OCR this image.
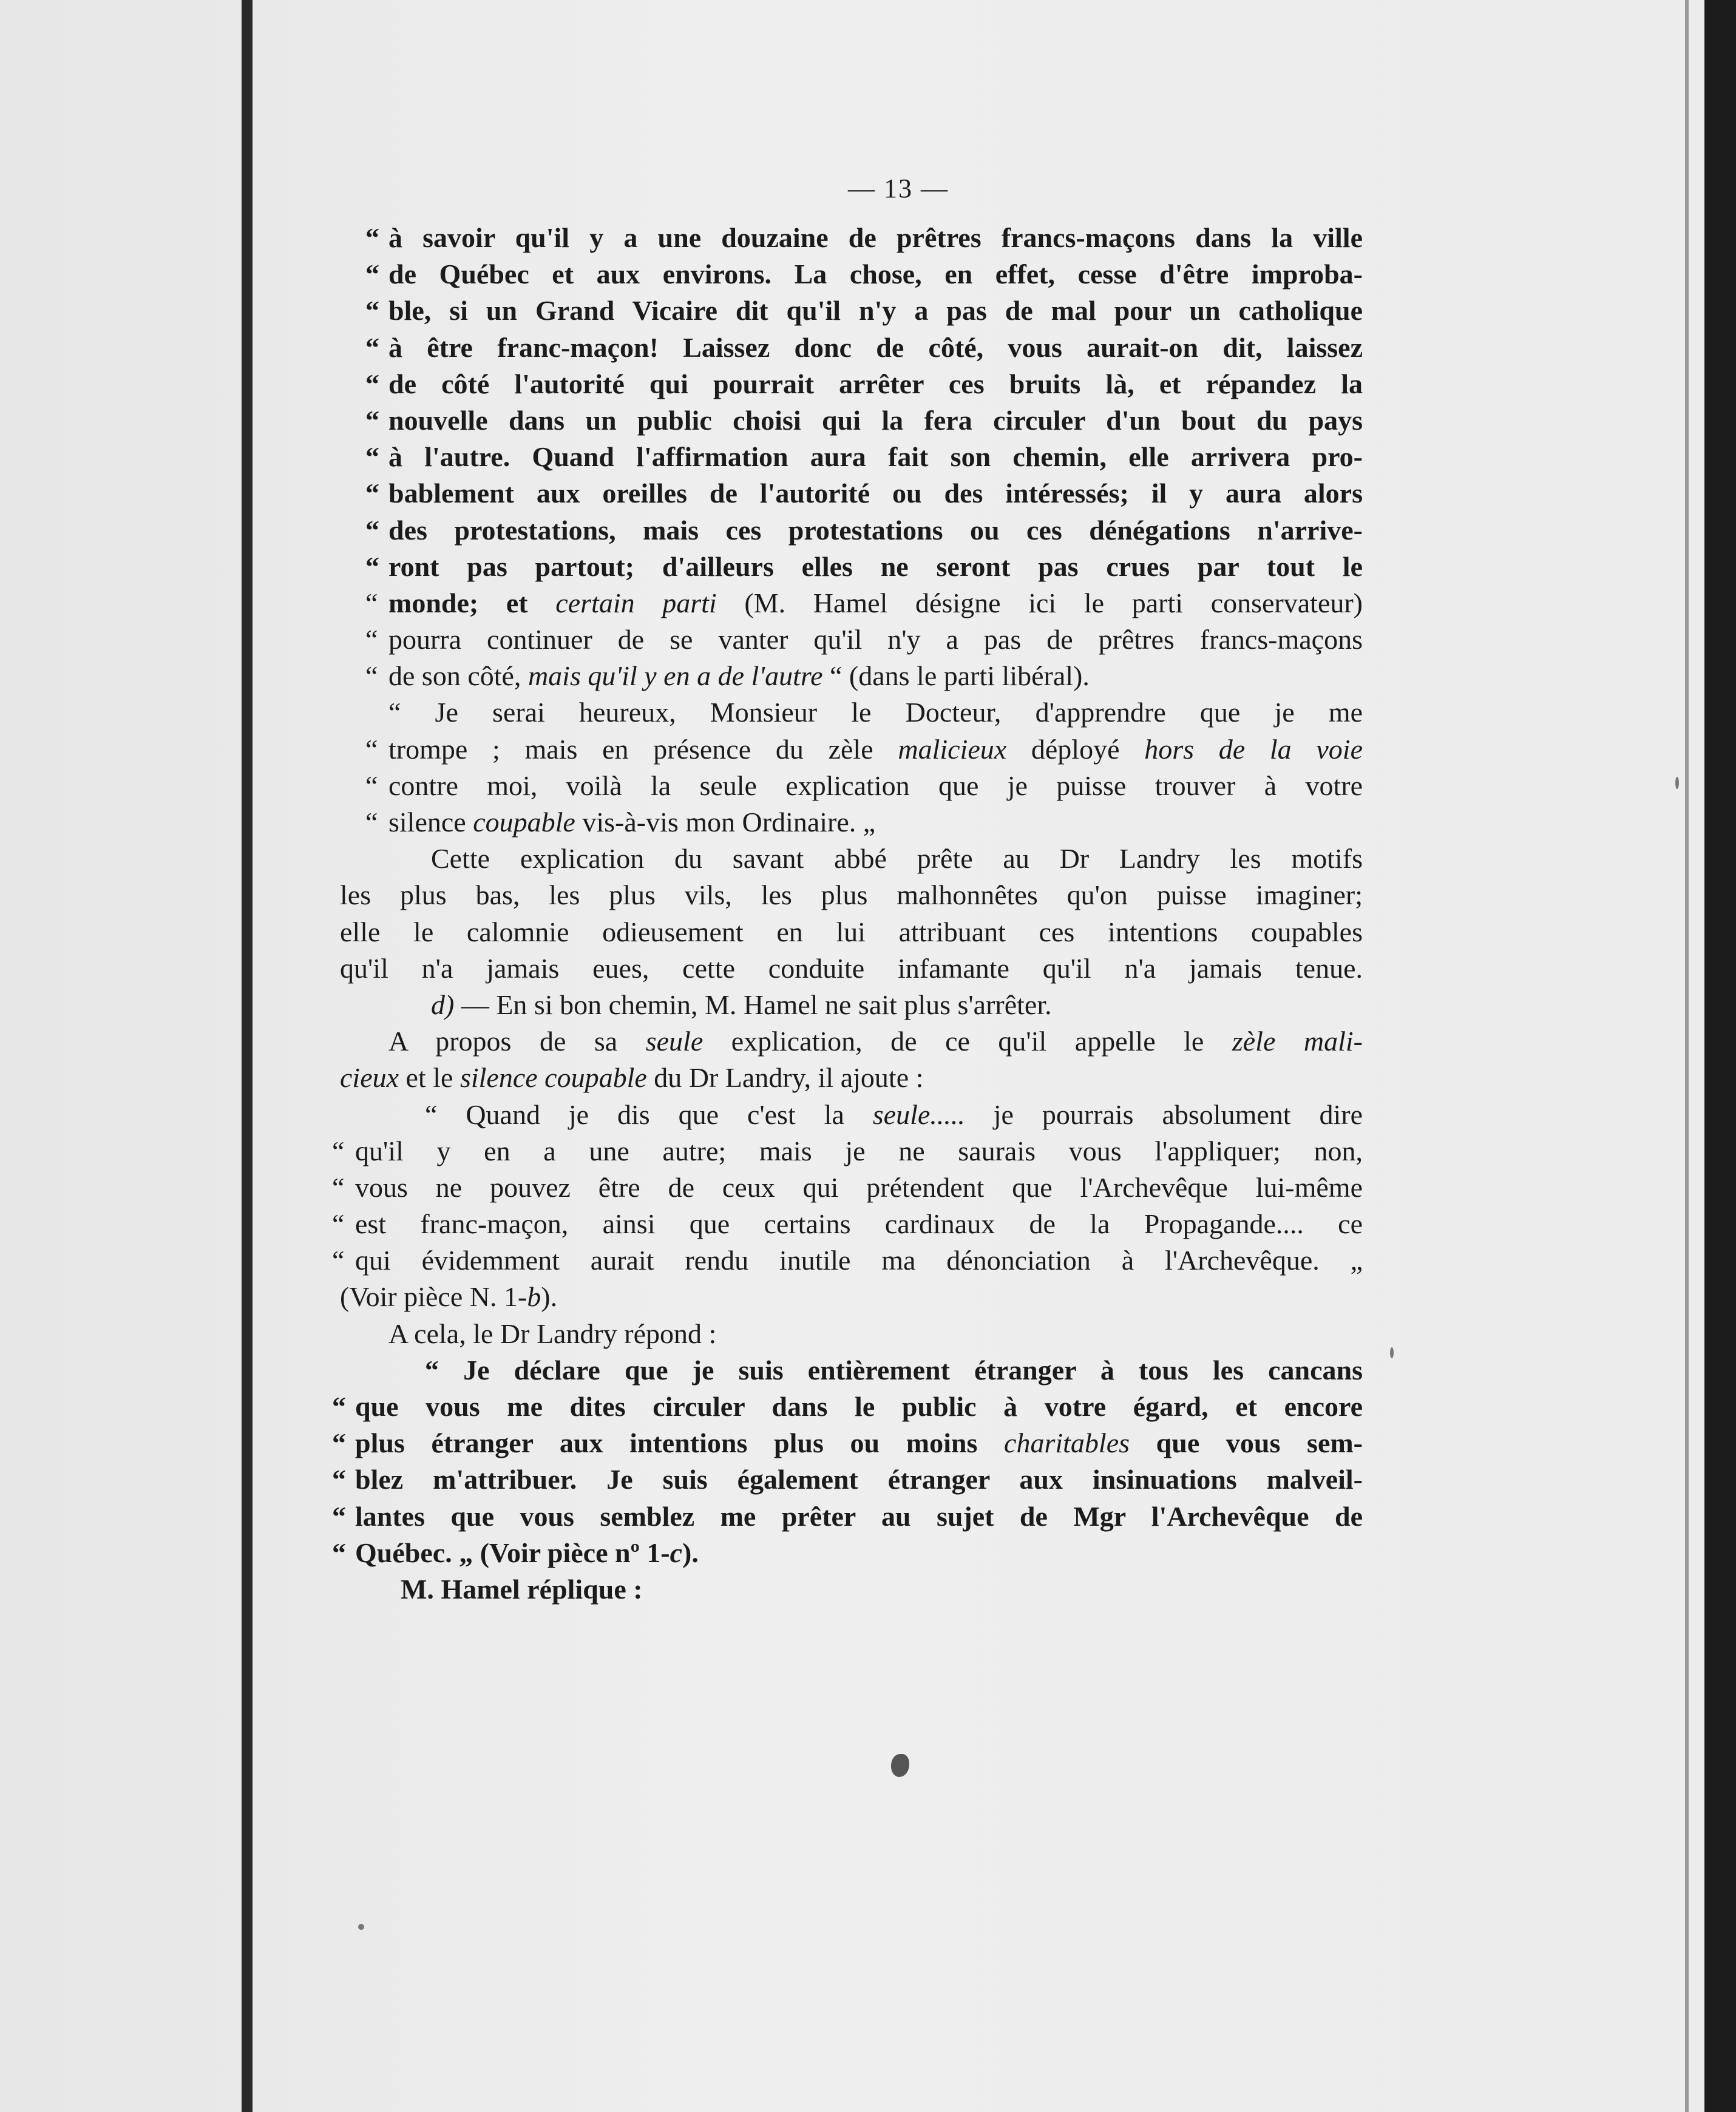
— 13 —
“ à savoir qu'il y a une douzaine de prêtres francs-maçons dans la ville
“ de Québec et aux environs. La chose, en effet, cesse d'être improba-
“ ble, si un Grand Vicaire dit qu'il n'y a pas de mal pour un catholique
“ à être franc-maçon! Laissez donc de côté, vous aurait-on dit, laissez
“ de côté l'autorité qui pourrait arrêter ces bruits là, et répandez la
“ nouvelle dans un public choisi qui la fera circuler d'un bout du pays
“ à l'autre. Quand l'affirmation aura fait son chemin, elle arrivera pro-
“ bablement aux oreilles de l'autorité ou des intéressés; il y aura alors
“ des protestations, mais ces protestations ou ces dénégations n'arrive-
“ ront pas partout; d'ailleurs elles ne seront pas crues par tout le
“ monde; et certain parti (M. Hamel désigne ici le parti conservateur)
“ pourra continuer de se vanter qu'il n'y a pas de prêtres francs-maçons
“ de son côté, mais qu'il y en a de l'autre “ (dans le parti libéral).
“ Je serai heureux, Monsieur le Docteur, d'apprendre que je me
“ trompe ; mais en présence du zèle malicieux déployé hors de la voie
“ contre moi, voilà la seule explication que je puisse trouver à votre
“ silence coupable vis-à-vis mon Ordinaire. „
Cette explication du savant abbé prête au Dr Landry les motifs
les plus bas, les plus vils, les plus malhonnêtes qu'on puisse imaginer;
elle le calomnie odieusement en lui attribuant ces intentions coupables
qu'il n'a jamais eues, cette conduite infamante qu'il n'a jamais tenue.
d) — En si bon chemin, M. Hamel ne sait plus s'arrêter.
A propos de sa seule explication, de ce qu'il appelle le zèle mali-
cieux et le silence coupable du Dr Landry, il ajoute :
“ Quand je dis que c'est la seule..... je pourrais absolument dire
“ qu'il y en a une autre; mais je ne saurais vous l'appliquer; non,
“ vous ne pouvez être de ceux qui prétendent que l'Archevêque lui-même
“ est franc-maçon, ainsi que certains cardinaux de la Propagande.... ce
“ qui évidemment aurait rendu inutile ma dénonciation à l'Archevêque. „
(Voir pièce N. 1-b).
A cela, le Dr Landry répond :
“ Je déclare que je suis entièrement étranger à tous les cancans
“ que vous me dites circuler dans le public à votre égard, et encore
“ plus étranger aux intentions plus ou moins charitables que vous sem-
“ blez m'attribuer. Je suis également étranger aux insinuations malveil-
“ lantes que vous semblez me prêter au sujet de Mgr l'Archevêque de
“ Québec. „ (Voir pièce nº 1-c).
M. Hamel réplique :
